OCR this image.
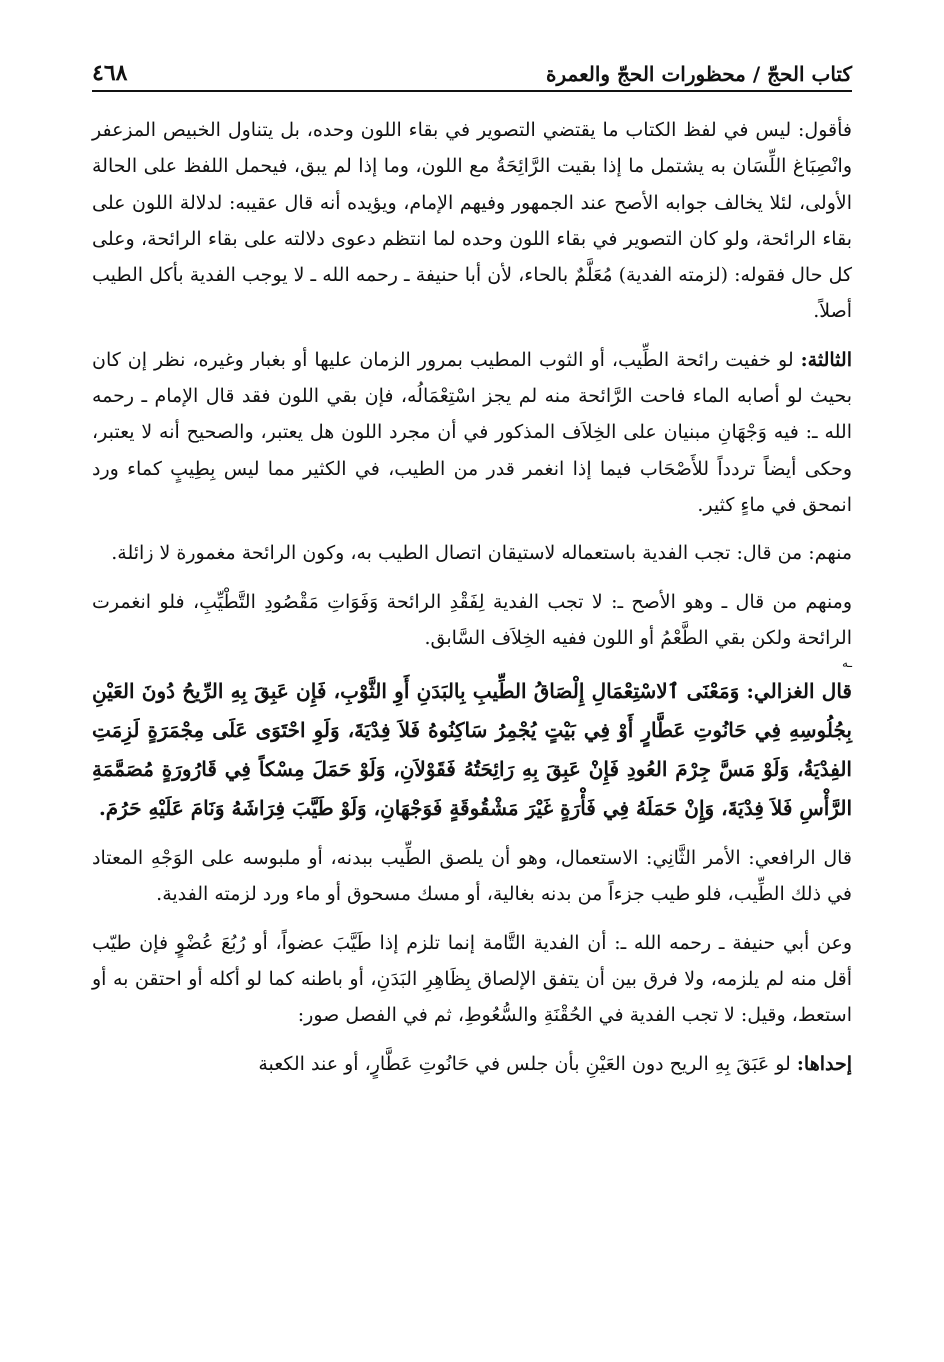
كتاب الحجّ / محظورات الحجّ والعمرة
٤٦٨

فأقول: ليس في لفظ الكتاب ما يقتضي التصوير في بقاء اللون وحده، بل يتناول الخبيص المزعفر وانْصِبَاغ اللِّسَان به يشتمل ما إذا بقيت الرَّائِحَةُ مع اللون، وما إذا لم يبق، فيحمل اللفظ على الحالة الأولى، لئلا يخالف جوابه الأصح عند الجمهور وفيهم الإمام، ويؤيده أنه قال عقيبه: لدلالة اللون على بقاء الرائحة، ولو كان التصوير في بقاء اللون وحده لما انتظم دعوى دلالته على بقاء الرائحة، وعلى كل حال فقوله: (لزمته الفدية) مُعَلَّمٌ بالحاء، لأن أبا حنيفة ـ رحمه الله ـ لا يوجب الفدية بأكل الطيب أصلاً.

الثالثة: لو خفيت رائحة الطِّيب، أو الثوب المطيب بمرور الزمان عليها أو بغبار وغيره، نظر إن كان بحيث لو أصابه الماء فاحت الرَّائحة منه لم يجز اسْتِعْمَالُه، فإن بقي اللون فقد قال الإمام ـ رحمه الله ـ: فيه وَجْهَانِ مبنيان على الخِلاَف المذكور في أن مجرد اللون هل يعتبر، والصحيح أنه لا يعتبر، وحكى أيضاً تردداً للأَصْحَاب فيما إذا انغمر قدر من الطيب، في الكثير مما ليس بِطِيبٍ كماء ورد انمحق في ماءٍ كثير.

منهم: من قال: تجب الفدية باستعماله لاستيقان اتصال الطيب به، وكون الرائحة مغمورة لا زائلة.

ومنهم من قال ـ وهو الأصح ـ: لا تجب الفدية لِفَقْدِ الرائحة وَفَوَاتِ مَقْصُودِ التَّطْيِّبِ، فلو انغمرت الرائحة ولكن بقي الطَّعْمُ أو اللون ففيه الخِلاَف السَّابق.

ـه

قال الغزالي: وَمَعْنَى ٱلاسْتِعْمَالِ إِلْصَاقُ الطِّيبِ بِالبَدَنِ أَوِ الثَّوْبِ، فَإِن عَبِقَ بِهِ الرِّيحُ دُونَ العَيْنِ بِجُلُوسِهِ فِي حَانُوتِ عَطَّارٍ أَوْ فِي بَيْتٍ يُجْمِرُ سَاكِنُوهُ فَلاَ فِدْيَةَ، وَلَوِ احْتَوَى عَلَى مِجْمَرَةٍ لَزِمَتِ الفِدْيَةُ، وَلَوْ مَسَّ جِرْمَ العُودِ فَإِنْ عَبِقَ بِهِ رَائِحَتُهُ فَقَوْلاَنِ، وَلَوْ حَمَلَ مِسْكاً فِي قَارُورَةٍ مُصَمَّمَةِ الرَّأْسِ فَلاَ فِدْيَةَ، وَإِنْ حَمَلَهُ فِي فَأْرَةٍ غَيْرَ مَشْقُوقَةٍ فَوَجْهَانِ، وَلَوْ طَيَّبَ فِرَاشَهُ وَنَامَ عَلَيْهِ حَرُمَ.

قال الرافعي: الأمر الثَّانِي: الاستعمال، وهو أن يلصق الطِّيب ببدنه، أو ملبوسه على الوَجْهِ المعتاد في ذلك الطِّيب، فلو طيب جزءاً من بدنه بغالية، أو مسك مسحوق أو ماء ورد لزمته الفدية.

وعن أبي حنيفة ـ رحمه الله ـ: أن الفدية التَّامة إنما تلزم إذا طَيَّبَ عضواً، أو رُبُعَ عُضْوٍ فإن طيّب أقل منه لم يلزمه، ولا فرق بين أن يتفق الإلصاق بِظَاهِرِ البَدَنِ، أو باطنه كما لو أكله أو احتقن به أو استعط، وقيل: لا تجب الفدية في الحُقْنَةِ والسُّعُوطِ، ثم في الفصل صور:

إحداها: لو عَبَقَ بِهِ الريح دون العَيْنِ بأن جلس في حَانُوتِ عَطَّارٍ، أو عند الكعبة
